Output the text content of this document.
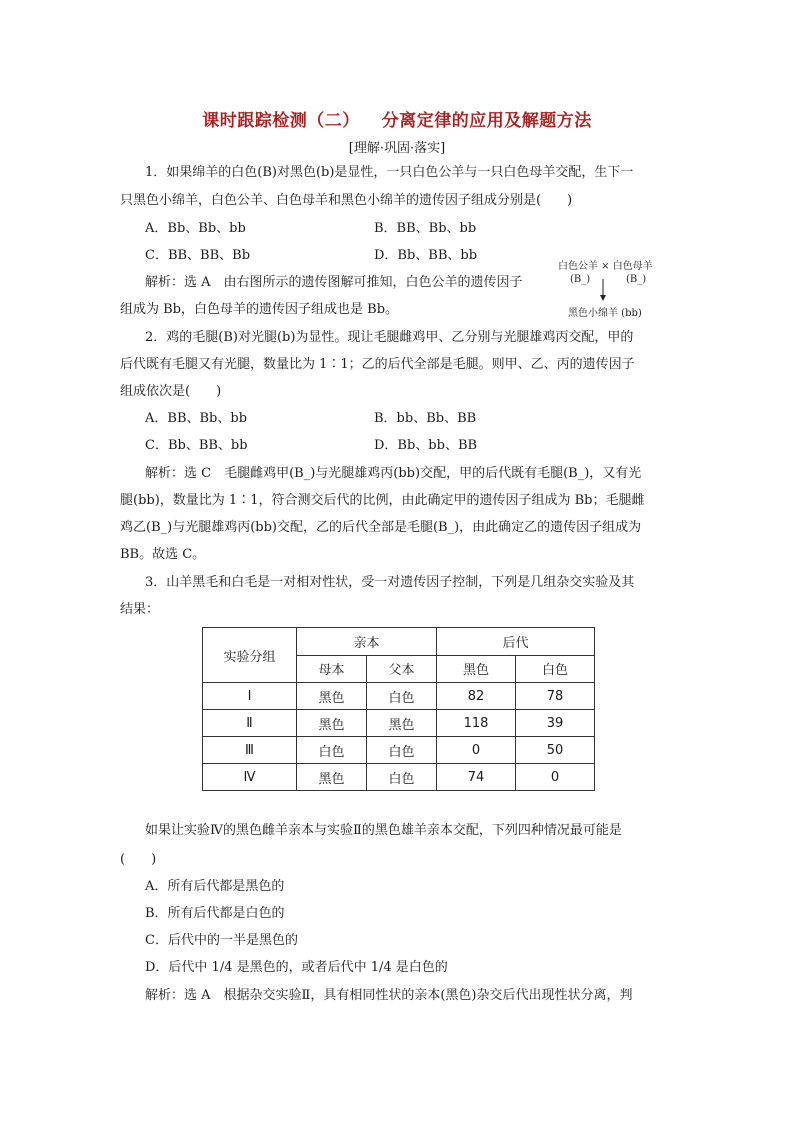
课时跟踪检测（二） 分离定律的应用及解题方法
[理解·巩固·落实]
1．如果绵羊的白色(B)对黑色(b)是显性，一只白色公羊与一只白色母羊交配，生下一
只黑色小绵羊，白色公羊、白色母羊和黑色小绵羊的遗传因子组成分别是(　　)
A．Bb、Bb、bb	B．BB、Bb、bb
C．BB、BB、Bb	D．Bb、BB、bb
解析：选 A　由右图所示的遗传图解可推知，白色公羊的遗传因子
组成为 Bb，白色母羊的遗传因子组成也是 Bb。
白色公羊 × 白色母羊
(B_)	(B_)
黑色小绵羊 (bb)
2．鸡的毛腿(B)对光腿(b)为显性。现让毛腿雌鸡甲、乙分别与光腿雄鸡丙交配，甲的
后代既有毛腿又有光腿，数量比为 1∶1；乙的后代全部是毛腿。则甲、乙、丙的遗传因子
组成依次是(　　)
A．BB、Bb、bb	B．bb、Bb、BB
C．Bb、BB、bb	D．Bb、bb、BB
解析：选 C　毛腿雌鸡甲(B_)与光腿雄鸡丙(bb)交配，甲的后代既有毛腿(B_)，又有光
腿(bb)，数量比为 1∶1，符合测交后代的比例，由此确定甲的遗传因子组成为 Bb；毛腿雌
鸡乙(B_)与光腿雄鸡丙(bb)交配，乙的后代全部是毛腿(B_)，由此确定乙的遗传因子组成为
BB。故选 C。
3．山羊黑毛和白毛是一对相对性状，受一对遗传因子控制，下列是几组杂交实验及其
结果：
实验分组	亲本		后代	
	母本	父本	黑色	白色
Ⅰ	黑色	白色	82	78
Ⅱ	黑色	黑色	118	39
Ⅲ	白色	白色	0	50
Ⅳ	黑色	白色	74	0
如果让实验Ⅳ的黑色雌羊亲本与实验Ⅱ的黑色雄羊亲本交配，下列四种情况最可能是
(　　)
A．所有后代都是黑色的
B．所有后代都是白色的
C．后代中的一半是黑色的
D．后代中 1/4 是黑色的，或者后代中 1/4 是白色的
解析：选 A　根据杂交实验Ⅱ，具有相同性状的亲本(黑色)杂交后代出现性状分离，判
